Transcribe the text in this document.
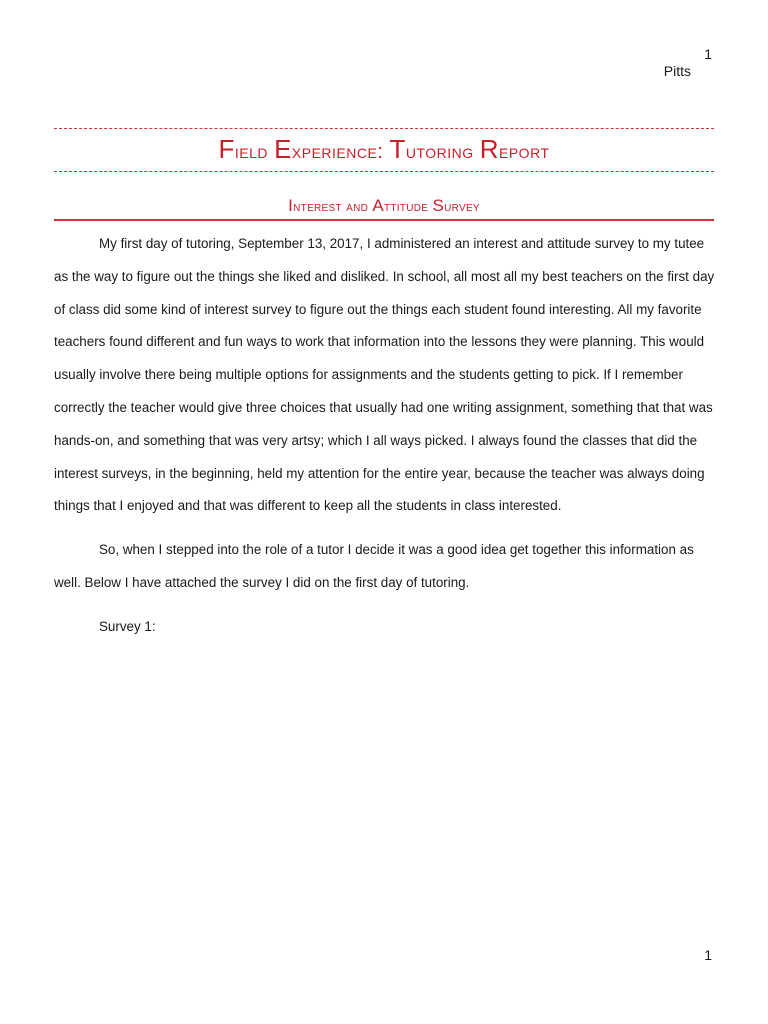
1
Pitts
Field Experience: Tutoring Report
Interest and Attitude Survey

My first day of tutoring, September 13, 2017, I administered an interest and attitude survey to my tutee as the way to figure out the things she liked and disliked. In school, all most all my best teachers on the first day of class did some kind of interest survey to figure out the things each student found interesting. All my favorite teachers found different and fun ways to work that information into the lessons they were planning. This would usually involve there being multiple options for assignments and the students getting to pick. If I remember correctly the teacher would give three choices that usually had one writing assignment, something that that was hands-on, and something that was very artsy; which I all ways picked. I always found the classes that did the interest surveys, in the beginning, held my attention for the entire year, because the teacher was always doing things that I enjoyed and that was different to keep all the students in class interested.

So, when I stepped into the role of a tutor I decide it was a good idea get together this information as well. Below I have attached the survey I did on the first day of tutoring.

Survey 1:

1
